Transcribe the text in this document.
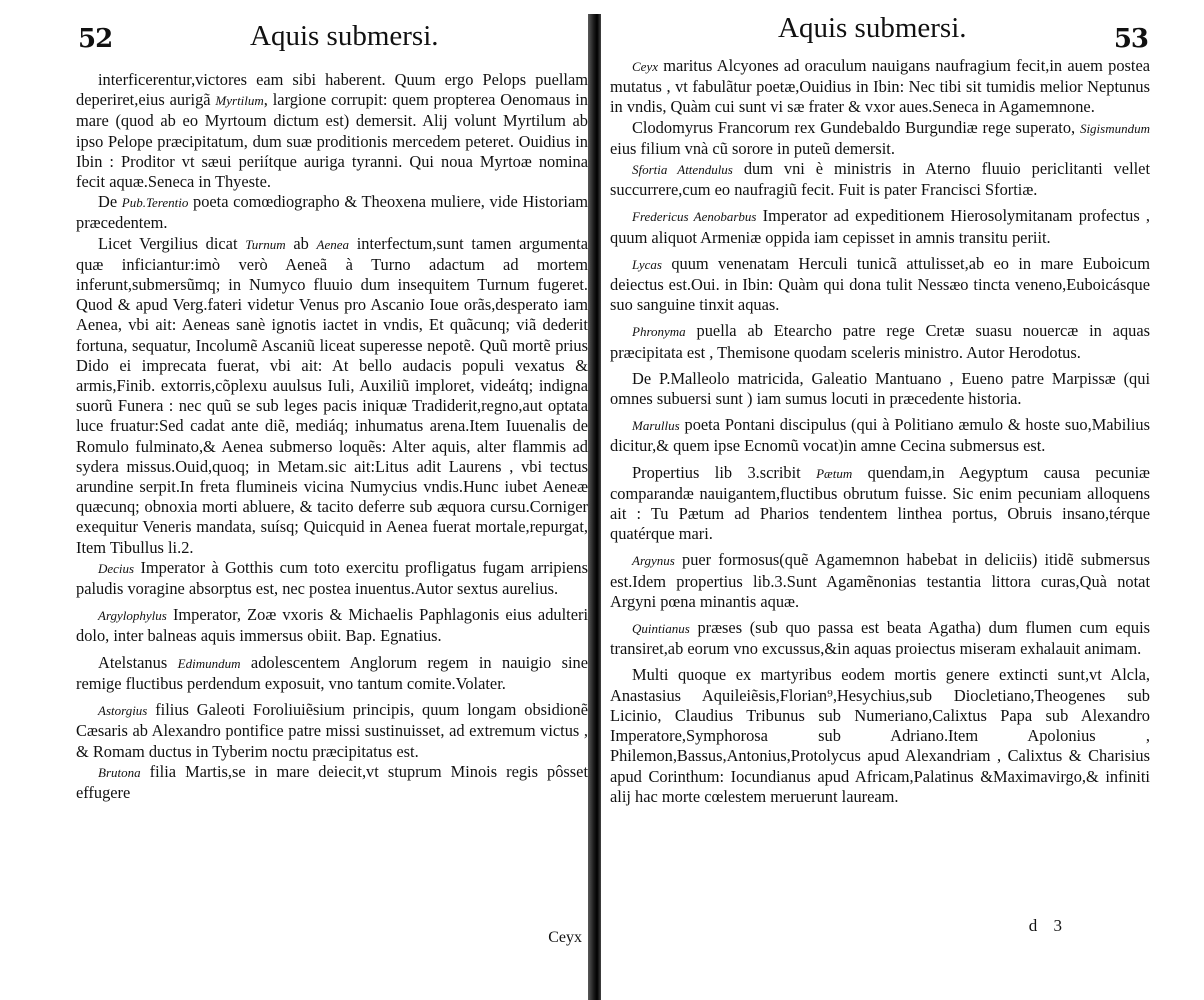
52	Aquis submersi.

interficerentur,victores eam sibi haberent. Quum ergo Pelops puellam deperiret,eius aurigã Myrtilum, largione corrupit: quem propterea Oenomaus in mare (quod ab eo Myrtoum dictum est) demersit. Alij volunt Myrtilum ab ipso Pelope præcipitatum, dum suæ proditionis mercedem peteret. Ouidius in Ibin : Proditor vt sæui periítque auriga tyranni. Qui noua Myrtoæ nomina fecit aquæ.Seneca in Thyeste.

De Pub.Terentio poeta comœdiographo & Theoxena muliere, vide Historiam præcedentem.

Licet Vergilius dicat Turnum ab Aenea interfectum,sunt tamen argumenta quæ inficiantur:imò verò Aeneã à Turno adactum ad mortem inferunt,submersũmq; in Numyco fluuio dum insequitem Turnum fugeret. Quod & apud Verg.fateri videtur Venus pro Ascanio Ioue orãs,desperato iam Aenea, vbi ait: Aeneas sanè ignotis iactet in vndis, Et quãcunq; viã dederit fortuna, sequatur, Incolumẽ Ascaniũ liceat superesse nepotẽ. Quũ mortẽ prius Dido ei imprecata fuerat, vbi ait: At bello audacis populi vexatus & armis,Finib. extorris,cõplexu auulsus Iuli, Auxiliũ imploret, videátq; indigna suorũ Funera : nec quũ se sub leges pacis iniquæ Tradiderit,regno,aut optata luce fruatur:Sed cadat ante diẽ, mediáq; inhumatus arena.Item Iuuenalis de Romulo fulminato,& Aenea submerso loquẽs: Alter aquis, alter flammis ad sydera missus.Ouid,quoq; in Metam.sic ait:Litus adit Laurens , vbi tectus arundine serpit.In freta flumineis vicina Numycius vndis.Hunc iubet Aeneæ quæcunq; obnoxia morti abluere, & tacito deferre sub æquora cursu.Corniger exequitur Veneris mandata, suísq; Quicquid in Aenea fuerat mortale,repurgat, Item Tibullus li.2.

Decius Imperator à Gotthis cum toto exercitu profligatus fugam arripiens paludis voragine absorptus est, nec postea inuentus.Autor sextus aurelius.

Argylophylus Imperator, Zoæ vxoris & Michaelis Paphlagonis eius adulteri dolo, inter balneas aquis immersus obiit. Bap. Egnatius.

Atelstanus Edimundum adolescentem Anglorum regem in nauigio sine remige fluctibus perdendum exposuit, vno tantum comite.Volater.

Astorgius filius Galeoti Foroliuiẽsium principis, quum longam obsidionẽ Cæsaris ab Alexandro pontifice patre missi sustinuisset, ad extremum victus , & Romam ductus in Tyberim noctu præcipitatus est.

Brutona filia Martis,se in mare deiecit,vt stuprum Minois regis pôsset effugere

Ceyx
Aquis submersi.	53

Ceyx maritus Alcyones ad oraculum nauigans naufragium fecit,in auem postea mutatus , vt fabulãtur poetæ,Ouidius in Ibin: Nec tibi sit tumidis melior Neptunus in vndis, Quàm cui sunt vi sæ frater & vxor aues.Seneca in Agamemnone.

Clodomyrus Francorum rex Gundebaldo Burgundiæ rege superato, Sigismundum eius filium vnà cũ sorore in puteũ demersit.

Sfortia Attendulus dum vni è ministris in Aterno fluuio periclitanti vellet succurrere,cum eo naufragiũ fecit. Fuit is pater Francisci Sfortiæ.

Fredericus Aenobarbus Imperator ad expeditionem Hierosolymitanam profectus , quum aliquot Armeniæ oppida iam cepisset in amnis transitu periit.

Lycas quum venenatam Herculi tunicã attulisset,ab eo in mare Euboicum deiectus est.Oui. in Ibin: Quàm qui dona tulit Nessæo tincta veneno,Euboicásque suo sanguine tinxit aquas.

Phronyma puella ab Etearcho patre rege Cretæ suasu nouercæ in aquas præcipitata est , Themisone quodam sceleris ministro. Autor Herodotus.

De P.Malleolo matricida, Galeatio Mantuano , Eueno patre Marpissæ (qui omnes subuersi sunt ) iam sumus locuti in præcedente historia.

Marullus poeta Pontani discipulus (qui à Politiano æmulo & hoste suo,Mabilius dicitur,& quem ipse Ecnomũ vocat)in amne Cecina submersus est.

Propertius lib 3.scribit Pætum quendam,in Aegyptum causa pecuniæ comparandæ nauigantem,fluctibus obrutum fuisse. Sic enim pecuniam alloquens ait : Tu Pætum ad Pharios tendentem linthea portus, Obruis insano,térque quatérque mari.

Argynus puer formosus(quẽ Agamemnon habebat in deliciis) itidẽ submersus est.Idem propertius lib.3.Sunt Agamẽnonias testantia littora curas,Quà notat Argyni pœna minantis aquæ.

Quintianus præses (sub quo passa est beata Agatha) dum flumen cum equis transiret,ab eorum vno excussus,&in aquas proiectus miseram exhalauit animam.

Multi quoque ex martyribus eodem mortis genere extincti sunt,vt Alcla, Anastasius Aquileiẽsis,Florian⁹,Hesychius,sub Diocletiano,Theogenes sub Licinio, Claudius Tribunus sub Numeriano,Calixtus Papa sub Alexandro Imperatore,Symphorosa sub Adriano.Item Apolonius , Philemon,Bassus,Antonius,Protolycus apud Alexandriam , Calixtus & Charisius apud Corinthum: Iocundianus apud Africam,Palatinus &Maximavirgo,& infiniti alij hac morte cœlestem meruerunt lauream.

d 3
